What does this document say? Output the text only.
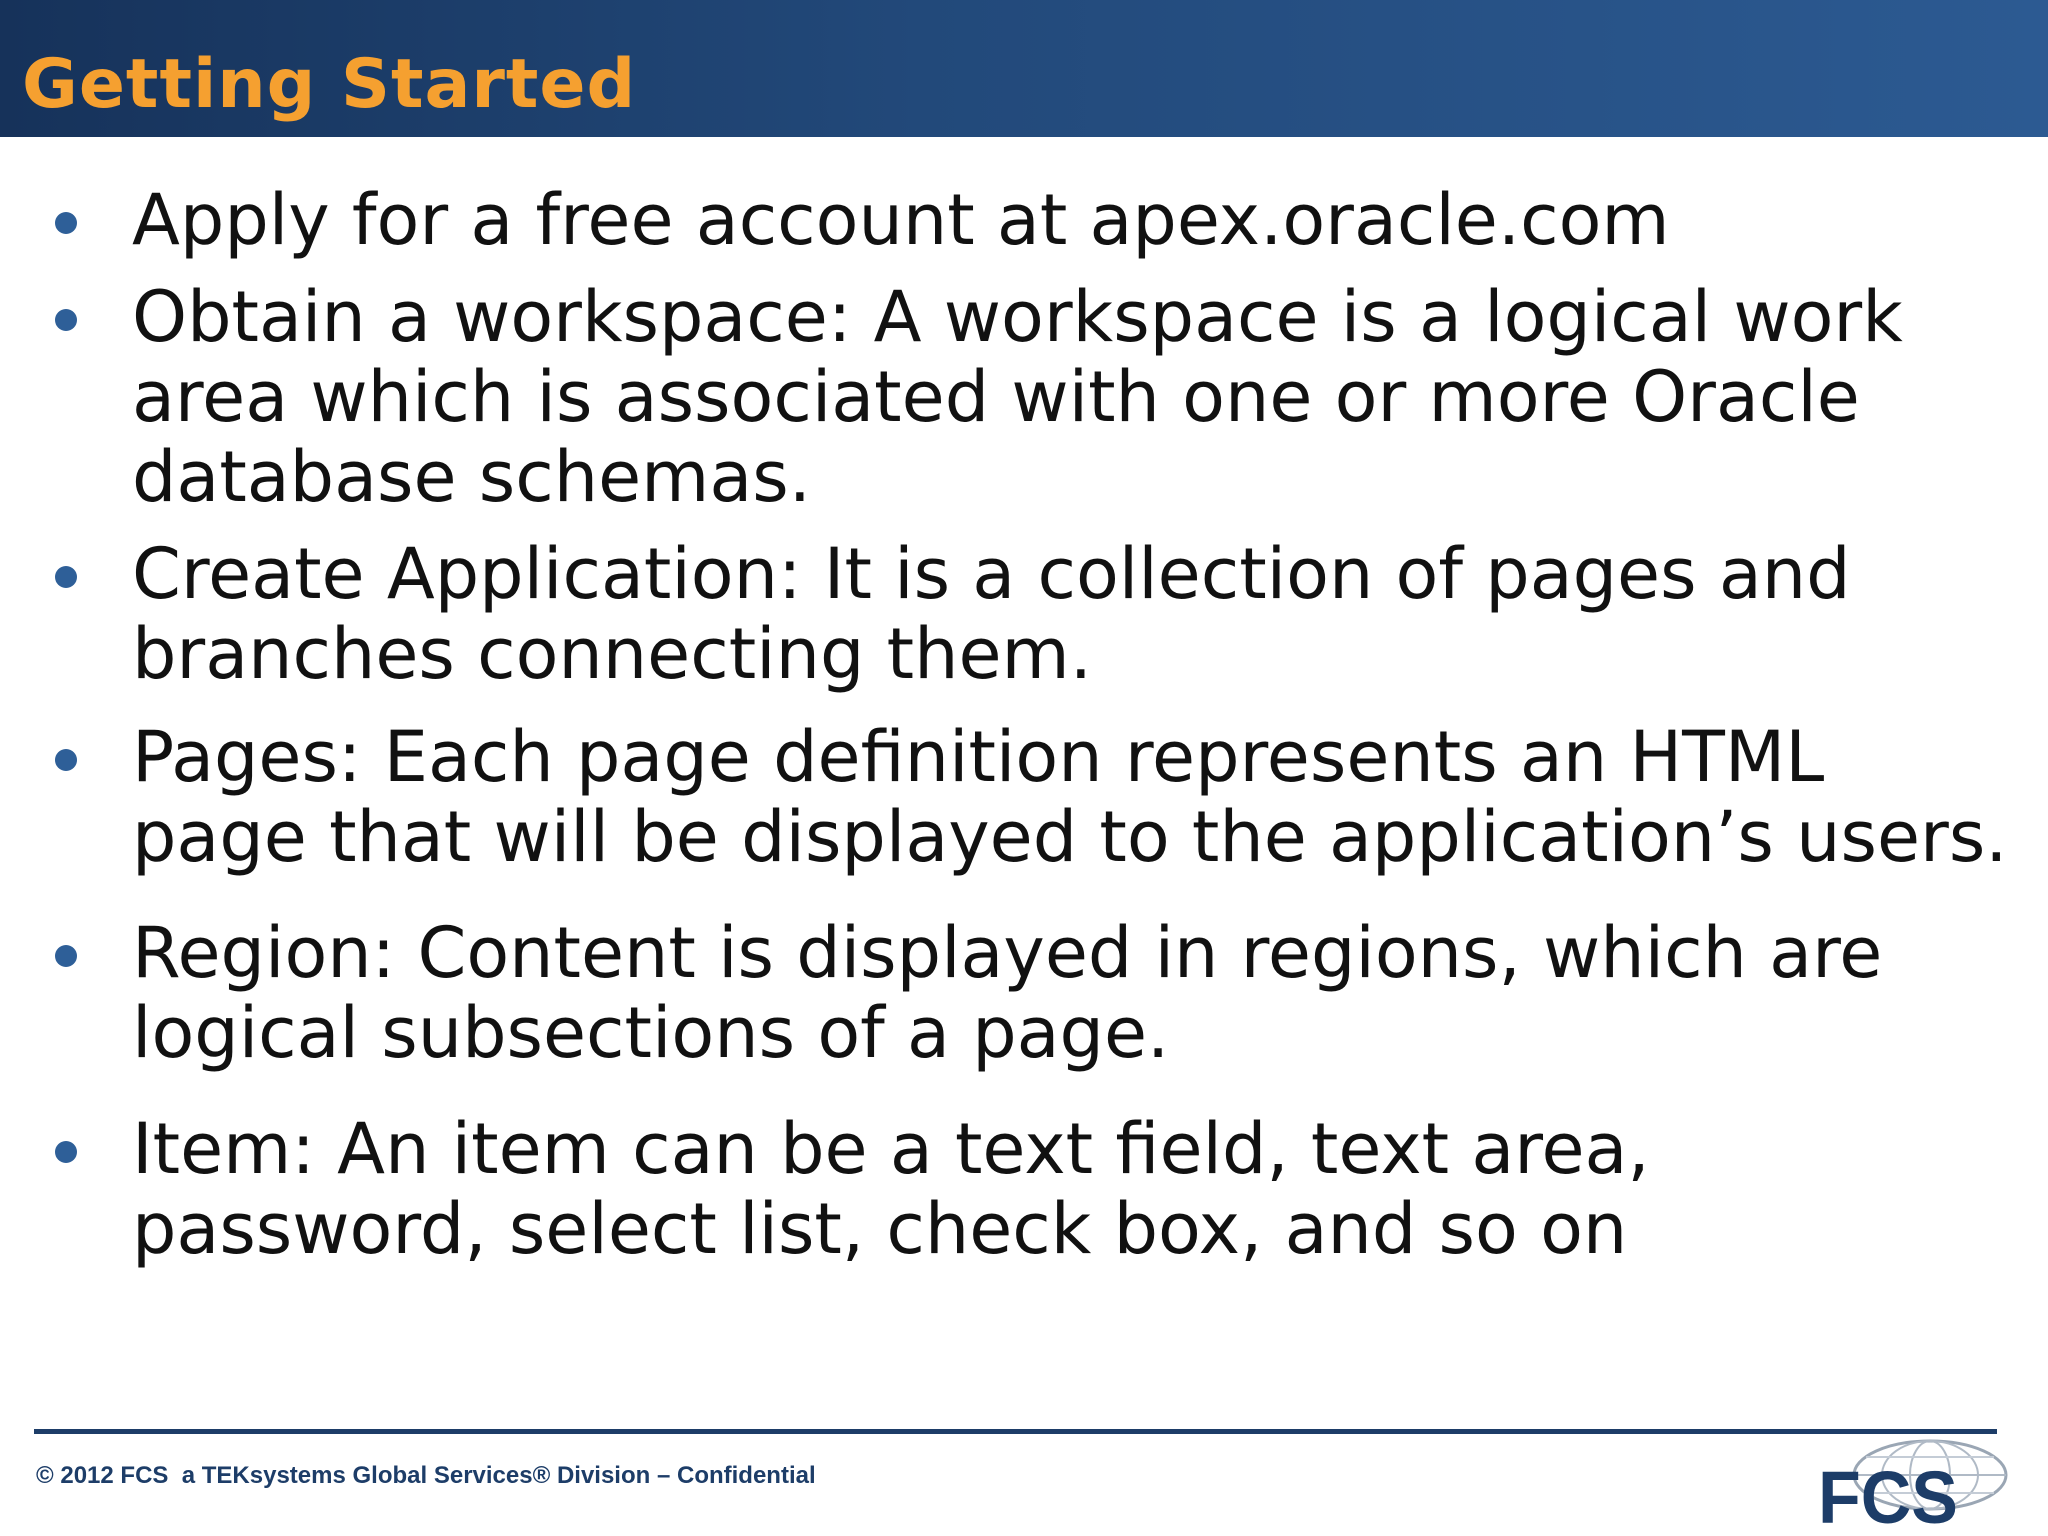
Getting Started
Apply for a free account at apex.oracle.com
Obtain a workspace: A workspace is a logical work area which is associated with one or more Oracle database schemas.
Create Application: It is a collection of pages and branches connecting them.
Pages: Each page definition represents an HTML page that will be displayed to the application’s users.
Region: Content is displayed in regions, which are logical subsections of a page.
Item: An item can be a text field, text area, password, select list, check box, and so on
© 2012 FCS  a TEKsystems Global Services® Division – Confidential	FCS
